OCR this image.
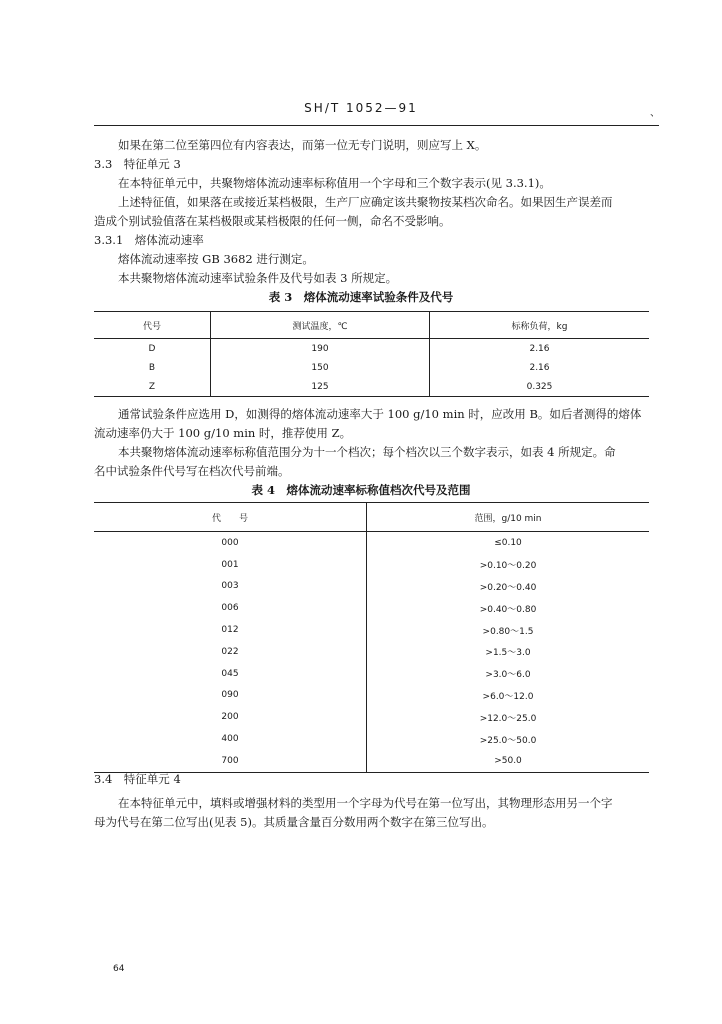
SH/T 1052—91	、
如果在第二位至第四位有内容表达，而第一位无专门说明，则应写上 X。
3.3　特征单元 3
在本特征单元中，共聚物熔体流动速率标称值用一个字母和三个数字表示(见 3.3.1)。
上述特征值，如果落在或接近某档极限，生产厂应确定该共聚物按某档次命名。如果因生产误差而
造成个别试验值落在某档极限或某档极限的任何一侧，命名不受影响。
3.3.1　熔体流动速率
熔体流动速率按 GB 3682 进行测定。
本共聚物熔体流动速率试验条件及代号如表 3 所规定。
表 3　熔体流动速率试验条件及代号
代号	测试温度，℃	标称负荷，kg
D	190	2.16
B	150	2.16
Z	125	0.325
通常试验条件应选用 D，如测得的熔体流动速率大于 100 g/10 min 时，应改用 B。如后者测得的熔体
流动速率仍大于 100 g/10 min 时，推荐使用 Z。
本共聚物熔体流动速率标称值范围分为十一个档次；每个档次以三个数字表示，如表 4 所规定。命
名中试验条件代号写在档次代号前端。
表 4　熔体流动速率标称值档次代号及范围
代　　号	范围，g/10 min
000	≤0.10
001	>0.10～0.20
003	>0.20～0.40
006	>0.40～0.80
012	>0.80～1.5
022	>1.5～3.0
045	>3.0～6.0
090	>6.0～12.0
200	>12.0～25.0
400	>25.0～50.0
700	>50.0
3.4　特征单元 4
在本特征单元中，填料或增强材料的类型用一个字母为代号在第一位写出，其物理形态用另一个字
母为代号在第二位写出(见表 5)。其质量含量百分数用两个数字在第三位写出。
64
